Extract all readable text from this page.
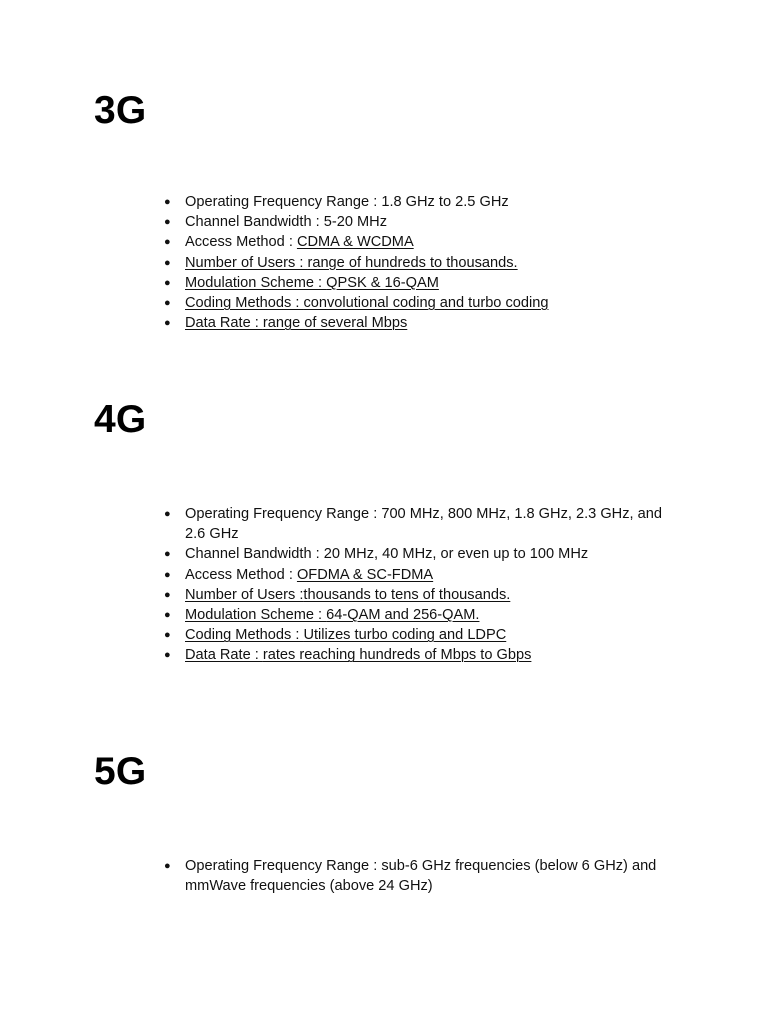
3G
● Operating Frequency Range : 1.8 GHz to 2.5 GHz
● Channel Bandwidth : 5-20 MHz
● Access Method : CDMA & WCDMA
● Number of Users : range of hundreds to thousands.
● Modulation Scheme : QPSK & 16-QAM
● Coding Methods : convolutional coding and turbo coding
● Data Rate : range of several Mbps
4G
● Operating Frequency Range : 700 MHz, 800 MHz, 1.8 GHz, 2.3 GHz, and 2.6 GHz
● Channel Bandwidth : 20 MHz, 40 MHz, or even up to 100 MHz
● Access Method : OFDMA & SC-FDMA
● Number of Users :thousands to tens of thousands.
● Modulation Scheme : 64-QAM and 256-QAM.
● Coding Methods : Utilizes turbo coding and LDPC
● Data Rate : rates reaching hundreds of Mbps to Gbps
5G
● Operating Frequency Range : sub-6 GHz frequencies (below 6 GHz) and mmWave frequencies (above 24 GHz)
